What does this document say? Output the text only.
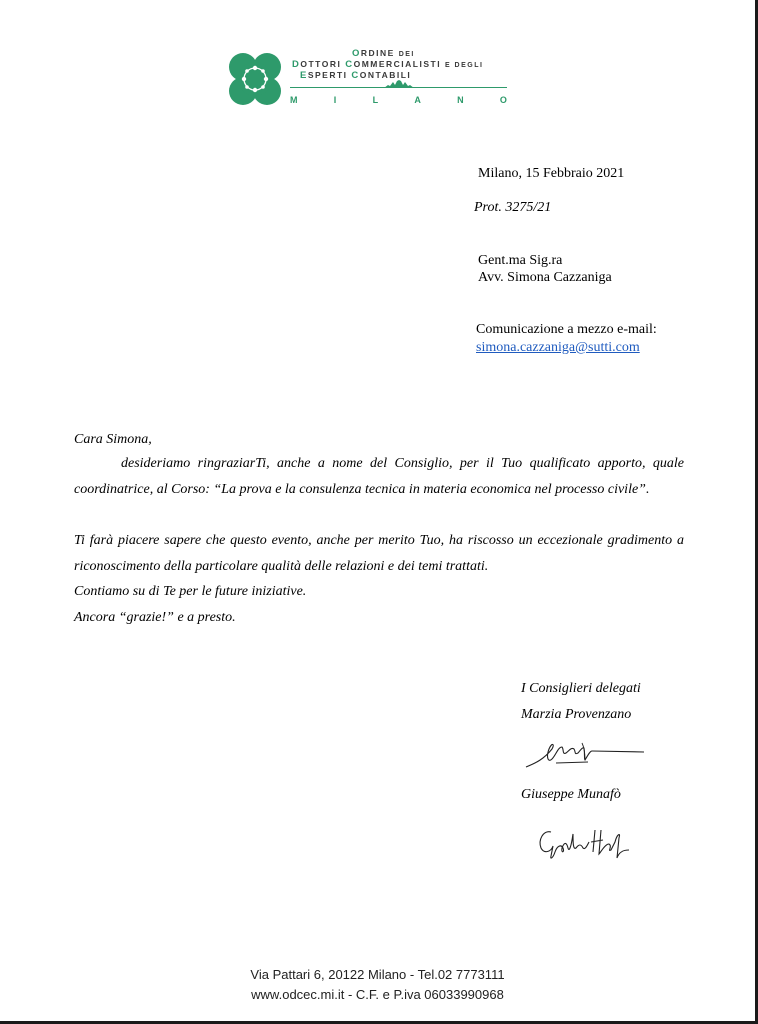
ORDINE DEI
DOTTORI COMMERCIALISTI E DEGLI
ESPERTI CONTABILI
M	I	L	A	N	O
Milano, 15 Febbraio 2021
Prot. 3275/21
Gent.ma Sig.ra
Avv. Simona Cazzaniga
Comunicazione a mezzo e-mail:
simona.cazzaniga@sutti.com
Cara Simona,
desideriamo ringraziarTi, anche a nome del Consiglio, per il Tuo qualificato apporto, quale coordinatrice, al Corso: “La prova e la consulenza tecnica in materia economica nel processo civile”.
Ti farà piacere sapere che questo evento, anche per merito Tuo, ha riscosso un eccezionale gradimento a riconoscimento della particolare qualità delle relazioni e dei temi trattati.
Contiamo su di Te per le future iniziative.
Ancora “grazie!” e a presto.
I Consiglieri delegati
Marzia Provenzano
Giuseppe Munafò
Via Pattari 6, 20122 Milano - Tel.02 7773111
www.odcec.mi.it - C.F. e P.iva 06033990968
